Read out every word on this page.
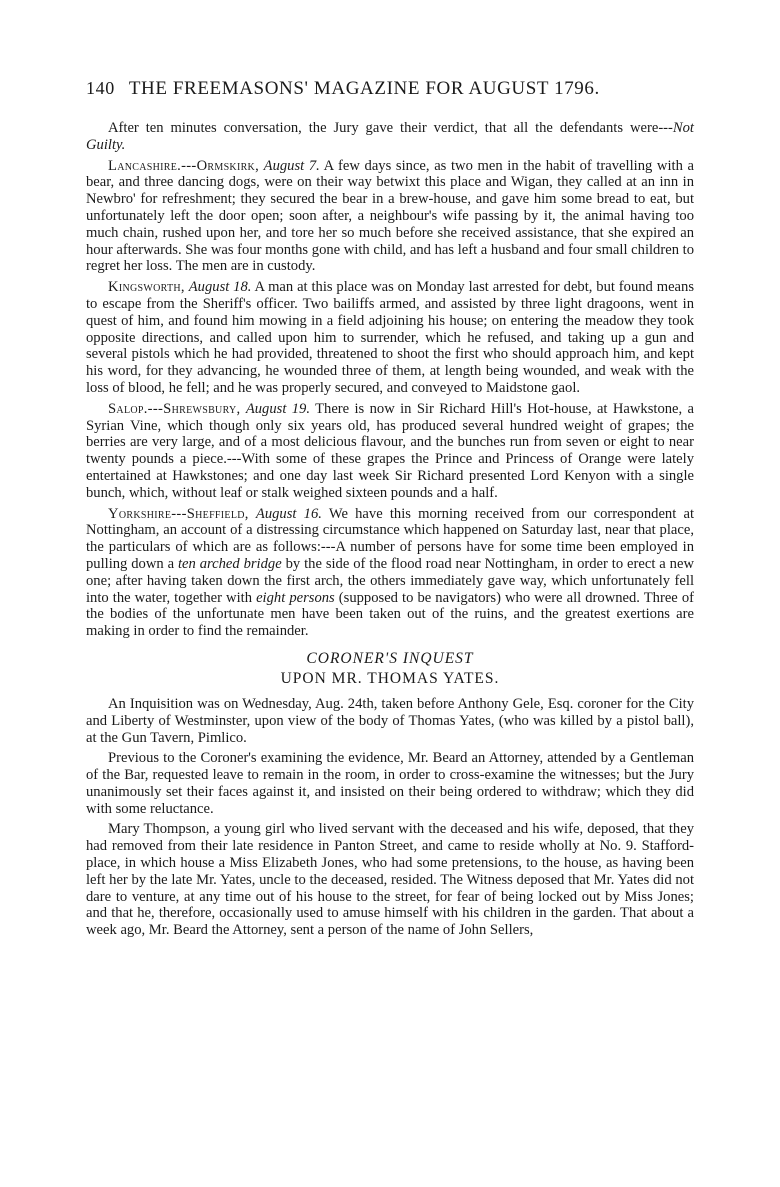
140 THE FREEMASONS' MAGAZINE FOR AUGUST 1796.

After ten minutes conversation, the Jury gave their verdict, that all the defendants were---Not Guilty.

Lancashire.---Ormskirk, August 7. A few days since, as two men in the habit of travelling with a bear, and three dancing dogs, were on their way betwixt this place and Wigan, they called at an inn in Newbro' for refreshment; they secured the bear in a brew-house, and gave him some bread to eat, but unfortunately left the door open; soon after, a neighbour's wife passing by it, the animal having too much chain, rushed upon her, and tore her so much before she received assistance, that she expired an hour afterwards. She was four months gone with child, and has left a husband and four small children to regret her loss. The men are in custody.

Kingsworth, August 18. A man at this place was on Monday last arrested for debt, but found means to escape from the Sheriff's officer. Two bailiffs armed, and assisted by three light dragoons, went in quest of him, and found him mowing in a field adjoining his house; on entering the meadow they took opposite directions, and called upon him to surrender, which he refused, and taking up a gun and several pistols which he had provided, threatened to shoot the first who should approach him, and kept his word, for they advancing, he wounded three of them, at length being wounded, and weak with the loss of blood, he fell; and he was properly secured, and conveyed to Maidstone gaol.

Salop.---Shrewsbury, August 19. There is now in Sir Richard Hill's Hot-house, at Hawkstone, a Syrian Vine, which though only six years old, has produced several hundred weight of grapes; the berries are very large, and of a most delicious flavour, and the bunches run from seven or eight to near twenty pounds a piece.---With some of these grapes the Prince and Princess of Orange were lately entertained at Hawkstones; and one day last week Sir Richard presented Lord Kenyon with a single bunch, which, without leaf or stalk weighed sixteen pounds and a half.

Yorkshire---Sheffield, August 16. We have this morning received from our correspondent at Nottingham, an account of a distressing circumstance which happened on Saturday last, near that place, the particulars of which are as follows:---A number of persons have for some time been employed in pulling down a ten arched bridge by the side of the flood road near Nottingham, in order to erect a new one; after having taken down the first arch, the others immediately gave way, which unfortunately fell into the water, together with eight persons (supposed to be navigators) who were all drowned. Three of the bodies of the unfortunate men have been taken out of the ruins, and the greatest exertions are making in order to find the remainder.

CORONER'S INQUEST
UPON MR. THOMAS YATES.

An Inquisition was on Wednesday, Aug. 24th, taken before Anthony Gele, Esq. coroner for the City and Liberty of Westminster, upon view of the body of Thomas Yates, (who was killed by a pistol ball), at the Gun Tavern, Pimlico.

Previous to the Coroner's examining the evidence, Mr. Beard an Attorney, attended by a Gentleman of the Bar, requested leave to remain in the room, in order to cross-examine the witnesses; but the Jury unanimously set their faces against it, and insisted on their being ordered to withdraw; which they did with some reluctance.

Mary Thompson, a young girl who lived servant with the deceased and his wife, deposed, that they had removed from their late residence in Panton Street, and came to reside wholly at No. 9. Stafford-place, in which house a Miss Elizabeth Jones, who had some pretensions, to the house, as having been left her by the late Mr. Yates, uncle to the deceased, resided. The Witness deposed that Mr. Yates did not dare to venture, at any time out of his house to the street, for fear of being locked out by Miss Jones; and that he, therefore, occasionally used to amuse himself with his children in the garden. That about a week ago, Mr. Beard the Attorney, sent a person of the name of John Sellers,
